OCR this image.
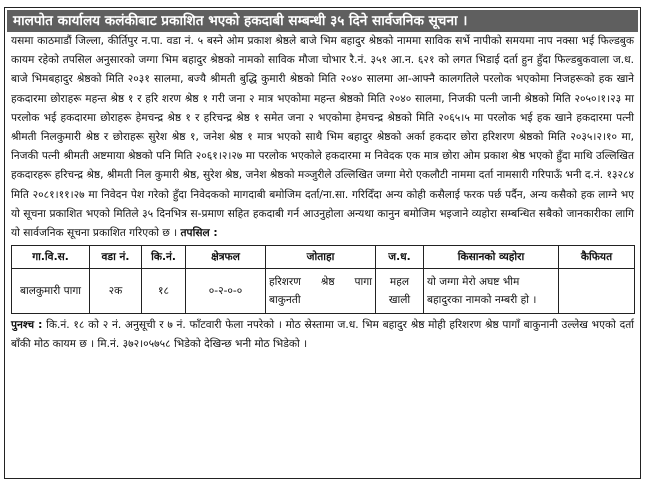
मालपोत कार्यालय कलंकीबाट प्रकाशित भएको हकदाबी सम्बन्धी ३५ दिने सार्वजनिक सूचना ।
यसमा काठमाडौं जिल्ला, कीर्तिपुर न.पा. वडा नं. ५ बस्ने ओम प्रकाश श्रेष्ठले बाजे भिम बहादुर श्रेष्ठको नाममा साविक सर्भे नापीको समयमा नाप नक्सा भई फिल्डबुक कायम रहेको तपसिल अनुसारको जग्गा भिम बहादुर श्रेष्ठको नामको साविक मौजा चोभार रै.नं. ३५१ आ.न. ६२१ को लगत भिडाई दर्ता हुन हुँदा फिल्डबुकवाला ज.ध. बाजे भिमबहादुर श्रेष्ठको मिति २०३१ सालमा, बज्यै श्रीमती बुद्धि कुमारी श्रेष्ठको मिति २०४० सालमा आ-आफ्नै कालगतिले परलोक भएकोमा निजहरूको हक खाने हकदारमा छोराहरू महन्त श्रेष्ठ १ र हरि शरण श्रेष्ठ १ गरी जना २ मात्र भएकोमा महन्त श्रेष्ठको मिति २०४० सालमा, निजकी पत्नी जानी श्रेष्ठको मिति २०५०।१।२३ मा परलोक भई हकदारमा छोराहरू हेमचन्द्र श्रेष्ठ १ र हरिचन्द्र श्रेष्ठ १ समेत जना २ भएकोमा हेमचन्द्र श्रेष्ठको मिति २०६५।५ मा परलोक भई हक खाने हकदारमा पत्नी श्रीमती निलकुमारी श्रेष्ठ र छोराहरू सुरेश श्रेष्ठ १, जनेश श्रेष्ठ १ मात्र भएको साथै भिम बहादुर श्रेष्ठको अर्का हकदार छोरा हरिशरण श्रेष्ठको मिति २०३५।२।१० मा, निजकी पत्नी श्रीमती अष्टमाया श्रेष्ठको पनि मिति २०६१।२।२७ मा परलोक भएकोले हकदारमा म निवेदक एक मात्र छोरा ओम प्रकाश श्रेष्ठ भएको हुँदा माथि उल्लिखित हकदारहरू हरिचन्द्र श्रेष्ठ, श्रीमती निल कुमारी श्रेष्ठ, सुरेश श्रेष्ठ, जनेश श्रेष्ठको मञ्जुरीले उल्लिखित जग्गा मेरो एकलौटी नाममा दर्ता नामसारी गरिपाऊँ भनी द.नं. १३२८४ मिति २०८१।११।२७ मा निवेदन पेश गरेको हुँदा निवेदकको मागदाबी बमोजिम दर्ता/ना.सा. गरिदिँदा अन्य कोही कसैलाई फरक पर्छ पर्दैन, अन्य कसैको हक लाग्ने भए यो सूचना प्रकाशित भएको मितिले ३५ दिनभित्र स-प्रमाण सहित हकदाबी गर्न आउनुहोला अन्यथा कानुन बमोजिम भइजाने व्यहोरा सम्बन्धित सबैको जानकारीका लागि यो सार्वजनिक सूचना प्रकाशित गरिएको छ । तपसिल :
गा.वि.स.	वडा नं.	कि.नं.	क्षेत्रफल	जोताहा	ज.ध.	किसानको व्यहोरा	कैफियत
बालकुमारी पागा	२क	१८	०-२-०-०	हरिशरण श्रेष्ठ पागा बाकुनती	महल खाली	यो जग्गा मेरो अघष्ट भीम बहादुरका नामको नम्बरी हो ।	
पुनश्च : कि.नं. १८ को २ नं. अनुसूची र ७ नं. फाँटवारी फेला नपरेको । मोठ स्रेस्तामा ज.ध. भिम बहादुर श्रेष्ठ मोही हरिशरण श्रेष्ठ पागाँ बाकुनानी उल्लेख भएको दर्ता बाँकी मोठ कायम छ । मि.नं. ३७२।०५७५८ भिडेको देखिन्छ भनी मोठ भिडेको ।
